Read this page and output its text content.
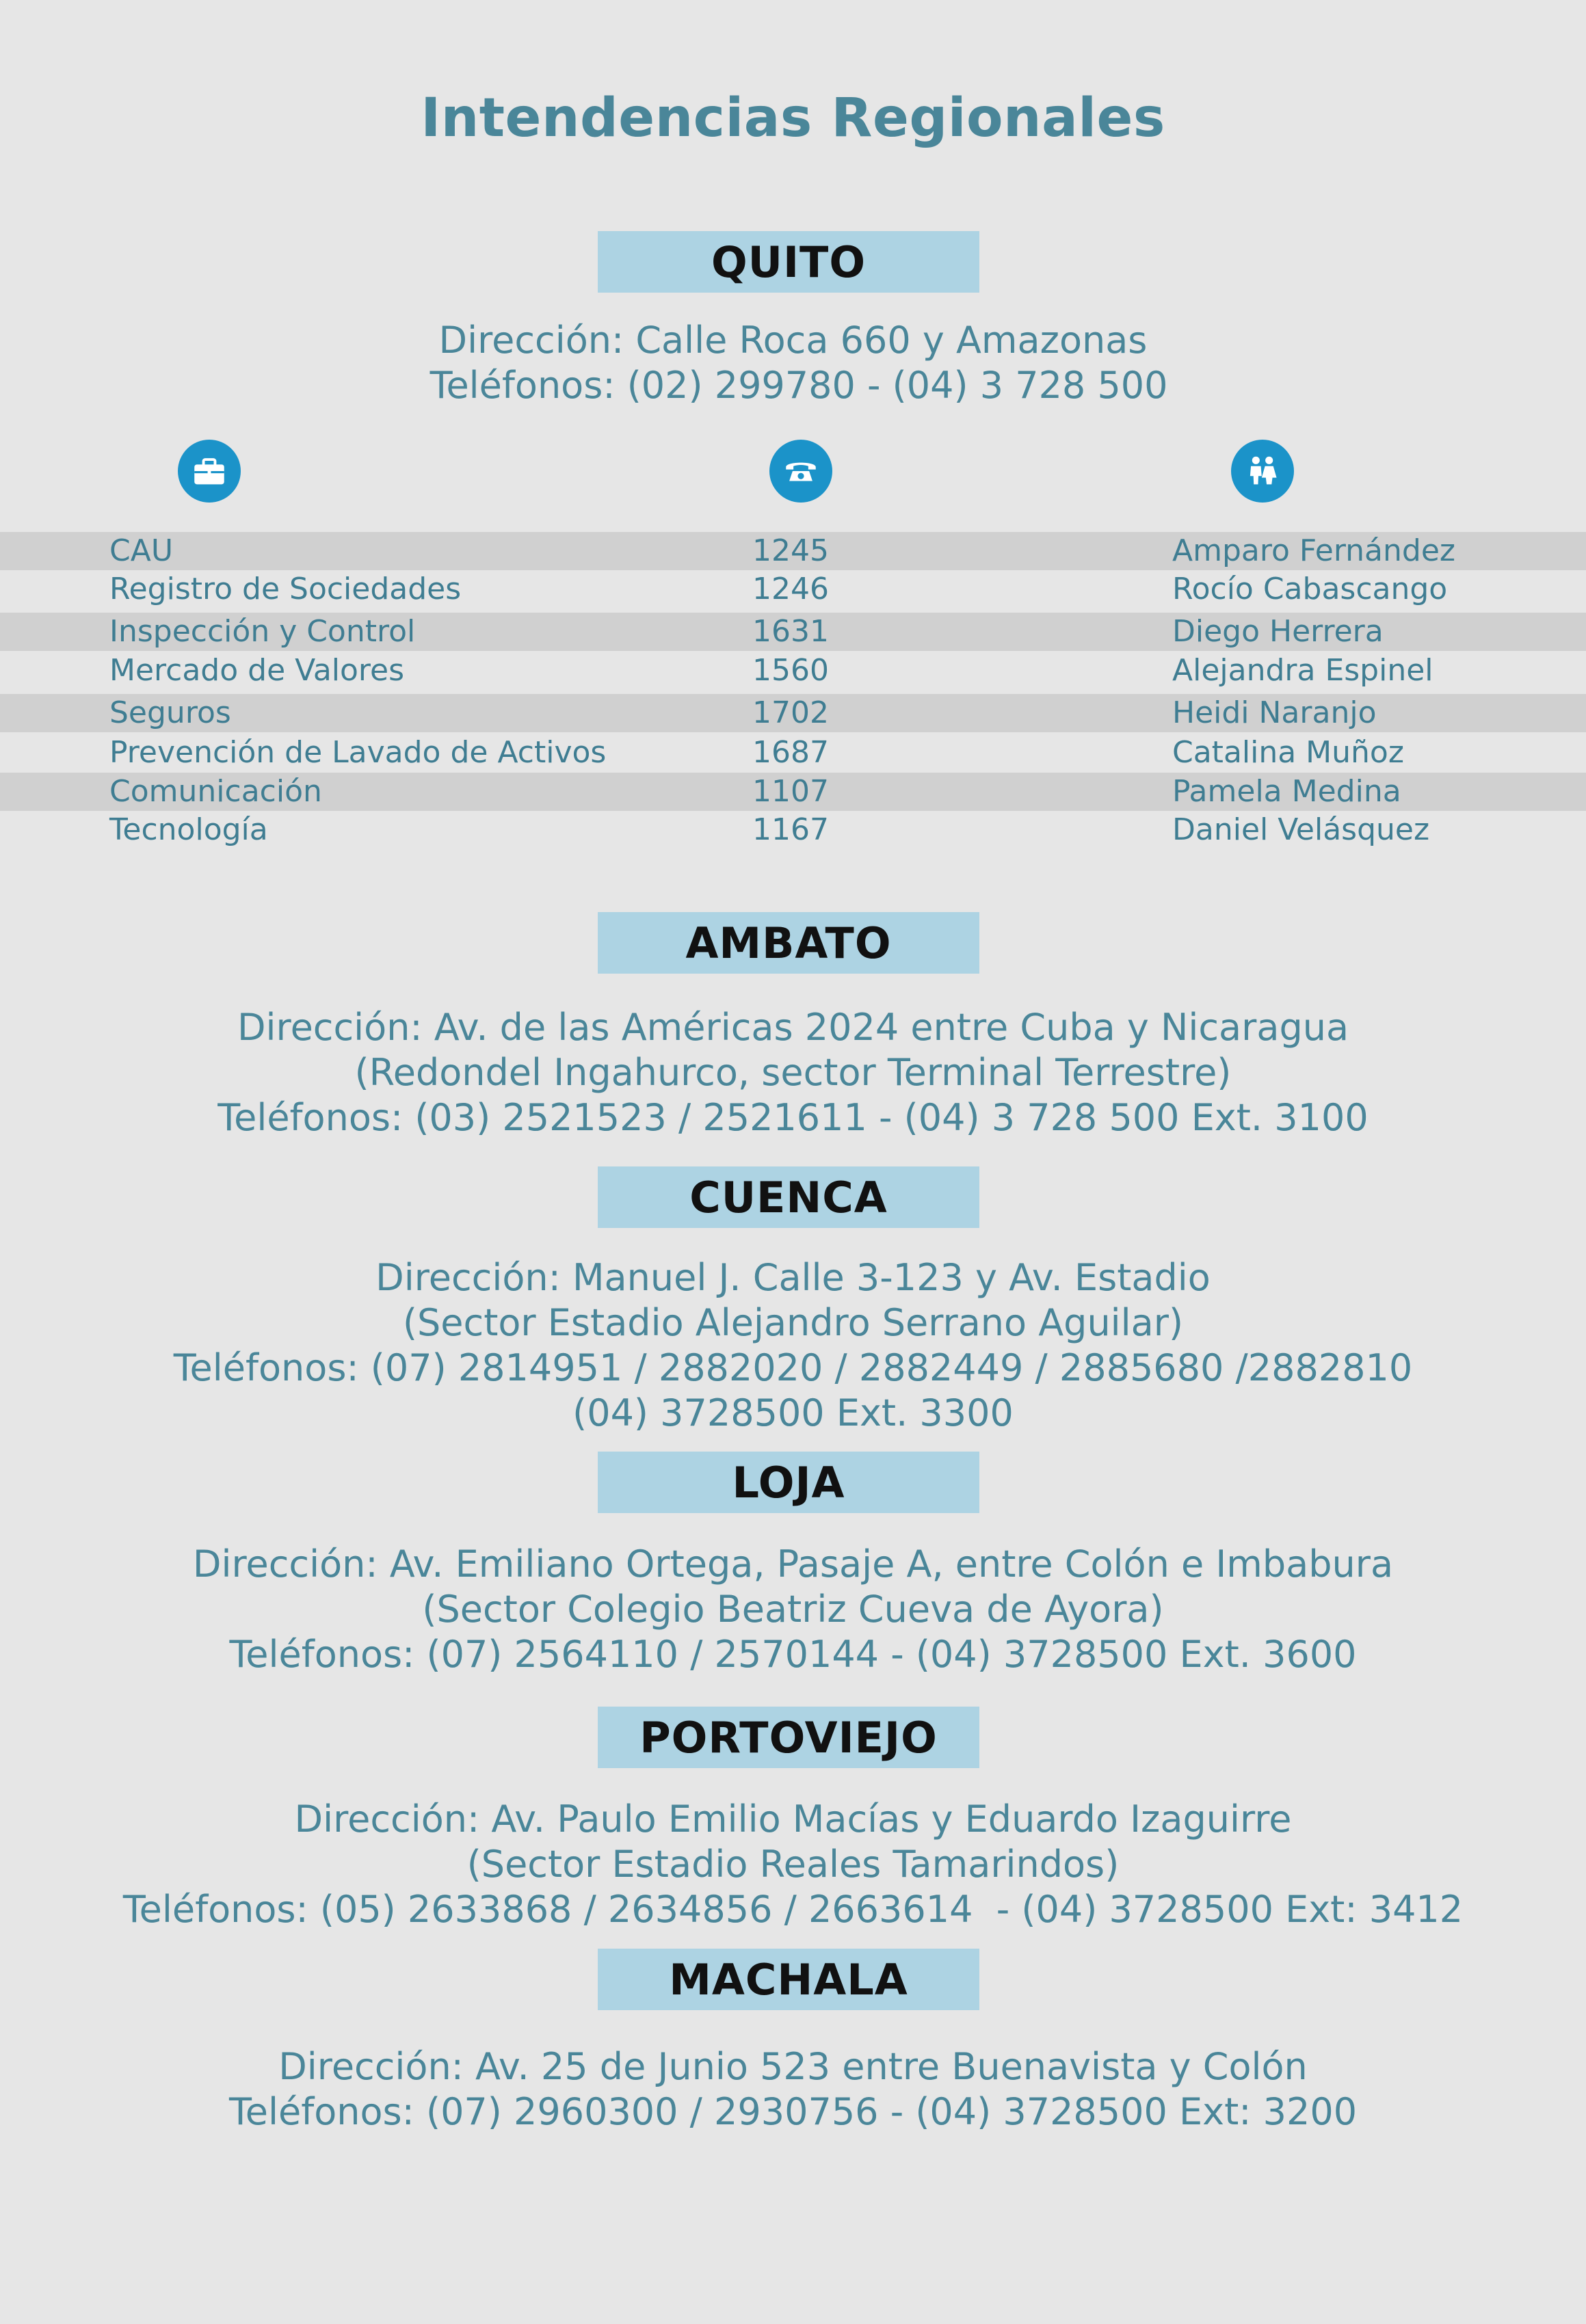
Intendencias Regionales
QUITO
Dirección: Calle Roca 660 y Amazonas
Teléfonos: (02) 299780 - (04) 3 728 500
CAU	1245	Amparo Fernández
Registro de Sociedades	1246	Rocío Cabascango
Inspección y Control	1631	Diego Herrera
Mercado de Valores	1560	Alejandra Espinel
Seguros	1702	Heidi Naranjo
Prevención de Lavado de Activos	1687	Catalina Muñoz
Comunicación	1107	Pamela Medina
Tecnología	1167	Daniel Velásquez
AMBATO
Dirección: Av. de las Américas 2024 entre Cuba y Nicaragua
(Redondel Ingahurco, sector Terminal Terrestre)
Teléfonos: (03) 2521523 / 2521611 - (04) 3 728 500 Ext. 3100
CUENCA
Dirección: Manuel J. Calle 3-123 y Av. Estadio
(Sector Estadio Alejandro Serrano Aguilar)
Teléfonos: (07) 2814951 / 2882020 / 2882449 / 2885680 /2882810
(04) 3728500 Ext. 3300
LOJA
Dirección: Av. Emiliano Ortega, Pasaje A, entre Colón e Imbabura
(Sector Colegio Beatriz Cueva de Ayora)
Teléfonos: (07) 2564110 / 2570144 - (04) 3728500 Ext. 3600
PORTOVIEJO
Dirección: Av. Paulo Emilio Macías y Eduardo Izaguirre
(Sector Estadio Reales Tamarindos)
Teléfonos: (05) 2633868 / 2634856 / 2663614  - (04) 3728500 Ext: 3412
MACHALA
Dirección: Av. 25 de Junio 523 entre Buenavista y Colón
Teléfonos: (07) 2960300 / 2930756 - (04) 3728500 Ext: 3200
